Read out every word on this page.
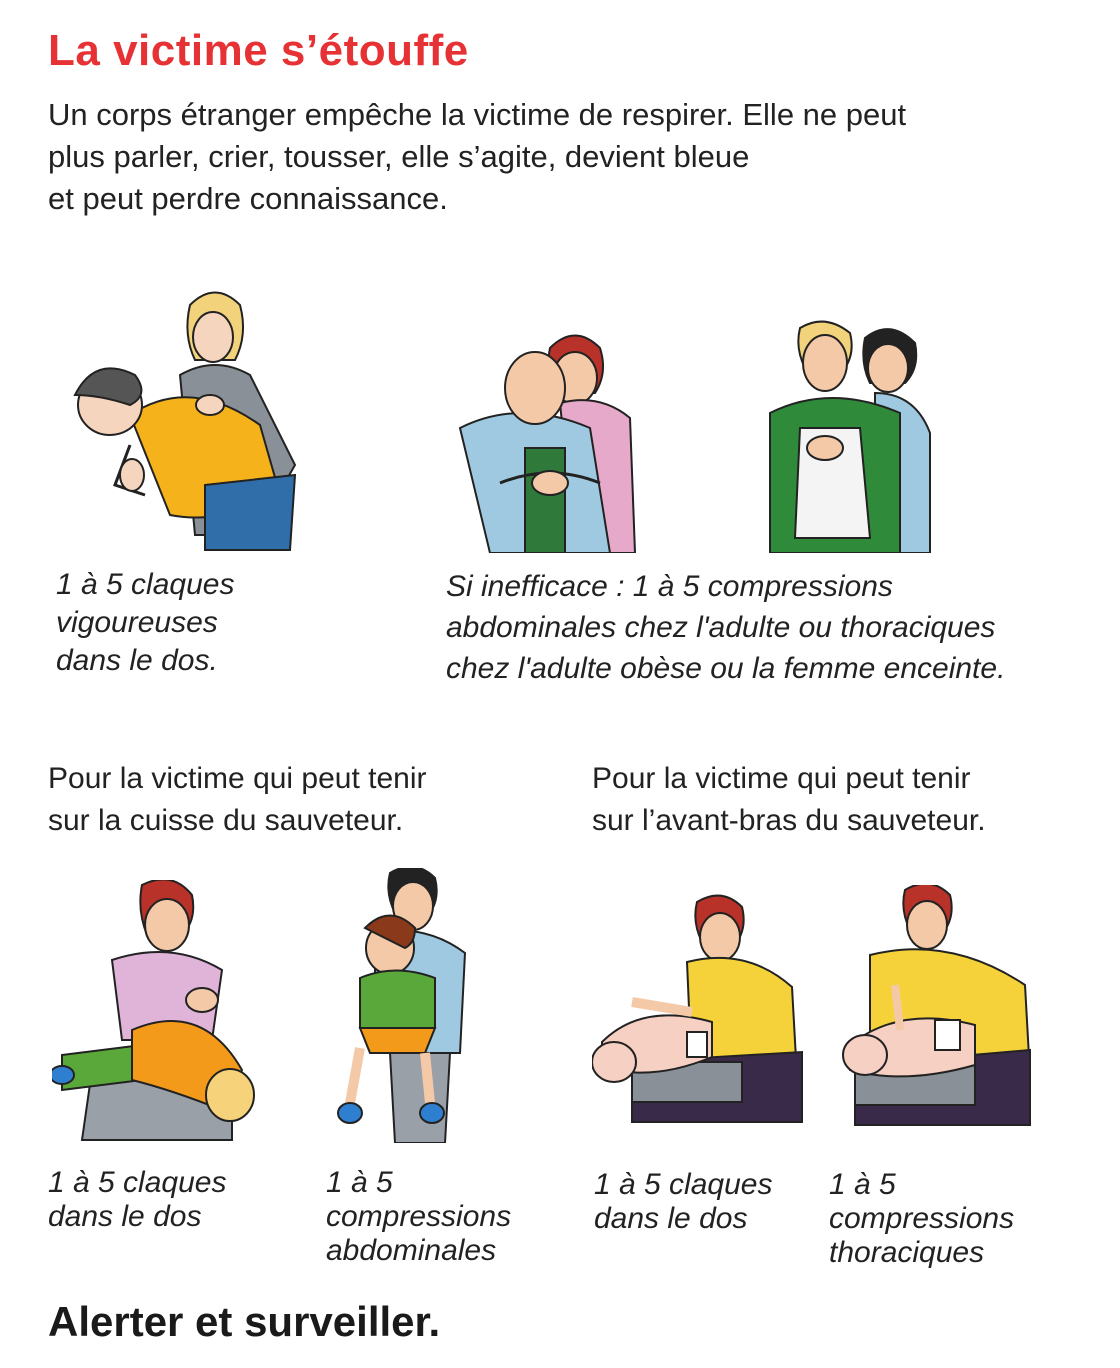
La victime s’étouffe
Un corps étranger empêche la victime de respirer. Elle ne peut
plus parler, crier, tousser, elle s’agite, devient bleue
et peut perdre connaissance.
1 à 5 claques
vigoureuses
dans le dos.
Si inefficace : 1 à 5 compressions
abdominales chez l'adulte ou thoraciques
chez l'adulte obèse ou la femme enceinte.
Pour la victime qui peut tenir
sur la cuisse du sauveteur.
Pour la victime qui peut tenir
sur l’avant-bras du sauveteur.
1 à 5 claques
dans le dos
1 à 5
compressions
abdominales
1 à 5 claques
dans le dos
1 à 5
compressions
thoraciques
Alerter et surveiller.
